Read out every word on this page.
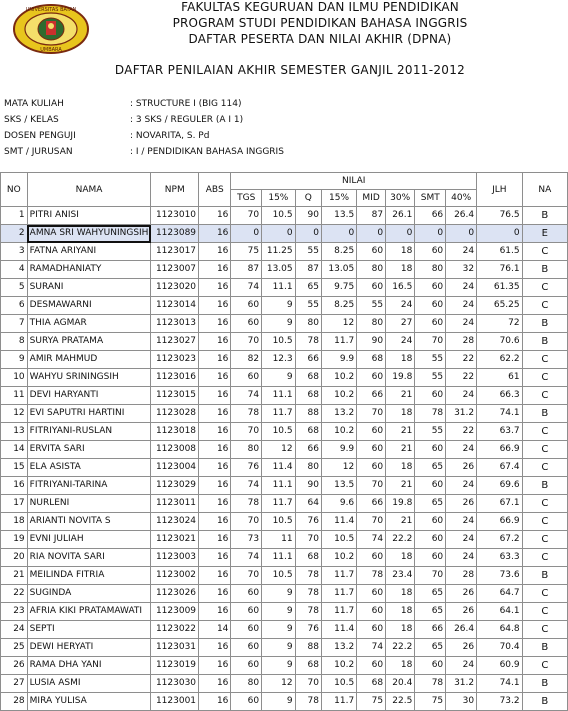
UNIVERSITAS BATAN
UMBARA
FAKULTAS KEGURUAN DAN ILMU PENDIDIKAN
PROGRAM STUDI PENDIDIKAN BAHASA INGGRIS
DAFTAR PESERTA DAN NILAI AKHIR (DPNA)
DAFTAR PENILAIAN AKHIR SEMESTER GANJIL 2011-2012
MATA KULIAH	: STRUCTURE I (BIG 114)
SKS / KELAS	: 3 SKS / REGULER (A I 1)
DOSEN PENGUJI	: NOVARITA, S. Pd
SMT / JURUSAN	: I / PENDIDIKAN BAHASA INGGRIS
NO	NAMA	NPM	ABS	NILAI								JLH	NA
				TGS	15%	Q	15%	MID	30%	SMT	40%		
1	PITRI ANISI	1123010	16	70	10.5	90	13.5	87	26.1	66	26.4	76.5	B
2	AMNA SRI WAHYUNINGSIH	1123089	16	0	0	0	0	0	0	0	0	0	E
3	FATNA ARIYANI	1123017	16	75	11.25	55	8.25	60	18	60	24	61.5	C
4	RAMADHANIATY	1123007	16	87	13.05	87	13.05	80	18	80	32	76.1	B
5	SURANI	1123020	16	74	11.1	65	9.75	60	16.5	60	24	61.35	C
6	DESMAWARNI	1123014	16	60	9	55	8.25	55	24	60	24	65.25	C
7	THIA AGMAR	1123013	16	60	9	80	12	80	27	60	24	72	B
8	SURYA PRATAMA	1123027	16	70	10.5	78	11.7	90	24	70	28	70.6	B
9	AMIR MAHMUD	1123023	16	82	12.3	66	9.9	68	18	55	22	62.2	C
10	WAHYU SRININGSIH	1123016	16	60	9	68	10.2	60	19.8	55	22	61	C
11	DEVI HARYANTI	1123015	16	74	11.1	68	10.2	66	21	60	24	66.3	C
12	EVI SAPUTRI HARTINI	1123028	16	78	11.7	88	13.2	70	18	78	31.2	74.1	B
13	FITRIYANI-RUSLAN	1123018	16	70	10.5	68	10.2	60	21	55	22	63.7	C
14	ERVITA SARI	1123008	16	80	12	66	9.9	60	21	60	24	66.9	C
15	ELA ASISTA	1123004	16	76	11.4	80	12	60	18	65	26	67.4	C
16	FITRIYANI-TARINA	1123029	16	74	11.1	90	13.5	70	21	60	24	69.6	B
17	NURLENI	1123011	16	78	11.7	64	9.6	66	19.8	65	26	67.1	C
18	ARIANTI NOVITA S	1123024	16	70	10.5	76	11.4	70	21	60	24	66.9	C
19	EVNI JULIAH	1123021	16	73	11	70	10.5	74	22.2	60	24	67.2	C
20	RIA NOVITA SARI	1123003	16	74	11.1	68	10.2	60	18	60	24	63.3	C
21	MEILINDA FITRIA	1123002	16	70	10.5	78	11.7	78	23.4	70	28	73.6	B
22	SUGINDA	1123026	16	60	9	78	11.7	60	18	65	26	64.7	C
23	AFRIA KIKI PRATAMAWATI	1123009	16	60	9	78	11.7	60	18	65	26	64.1	C
24	SEPTI	1123022	14	60	9	76	11.4	60	18	66	26.4	64.8	C
25	DEWI HERYATI	1123031	16	60	9	88	13.2	74	22.2	65	26	70.4	B
26	RAMA DHA YANI	1123019	16	60	9	68	10.2	60	18	60	24	60.9	C
27	LUSIA ASMI	1123030	16	80	12	70	10.5	68	20.4	78	31.2	74.1	B
28	MIRA YULISA	1123001	16	60	9	78	11.7	75	22.5	75	30	73.2	B
